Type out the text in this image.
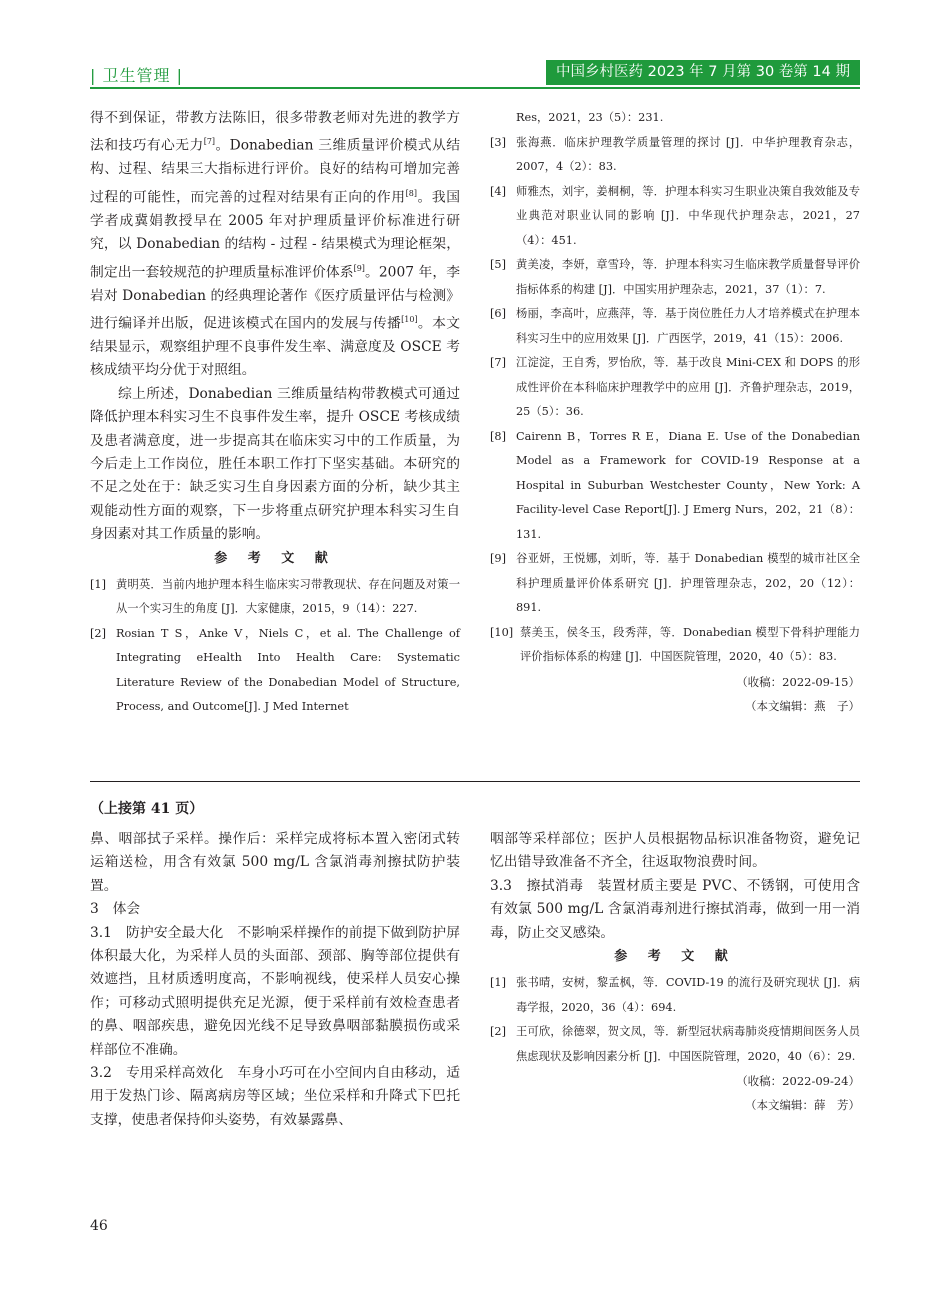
| 卫生管理 |	中国乡村医药 2023 年 7 月第 30 卷第 14 期

得不到保证，带教方法陈旧，很多带教老师对先进的教学方法和技巧有心无力[7]。Donabedian 三维质量评价模式从结构、过程、结果三大指标进行评价。良好的结构可增加完善过程的可能性，而完善的过程对结果有正向的作用[8]。我国学者成冀娟教授早在 2005 年对护理质量评价标准进行研究，以 Donabedian 的结构 - 过程 - 结果模式为理论框架，制定出一套较规范的护理质量标准评价体系[9]。2007 年，李岩对 Donabedian 的经典理论著作《医疗质量评估与检测》进行编译并出版，促进该模式在国内的发展与传播[10]。本文结果显示，观察组护理不良事件发生率、满意度及 OSCE 考核成绩平均分优于对照组。

综上所述，Donabedian 三维质量结构带教模式可通过降低护理本科实习生不良事件发生率，提升 OSCE 考核成绩及患者满意度，进一步提高其在临床实习中的工作质量，为今后走上工作岗位，胜任本职工作打下坚实基础。本研究的不足之处在于：缺乏实习生自身因素方面的分析，缺少其主观能动性方面的观察，下一步将重点研究护理本科实习生自身因素对其工作质量的影响。

参 考 文 献
[1] 黄明英．当前内地护理本科生临床实习带教现状、存在问题及对策一从一个实习生的角度 [J]．大家健康，2015，9（14）：227.
[2] Rosian T S，Anke V，Niels C，et al. The Challenge of Integrating eHealth Into Health Care: Systematic Literature Review of the Donabedian Model of Structure, Process, and Outcome[J]. J Med Internet
Res，2021，23（5）：231.
[3] 张海燕．临床护理教学质量管理的探讨 [J]．中华护理教育杂志，2007，4（2）：83.
[4] 师雅杰，刘宇，姜桐桐，等．护理本科实习生职业决策自我效能及专业典范对职业认同的影响 [J]．中华现代护理杂志，2021，27（4）：451.
[5] 黄美凌，李妍，章雪玲，等．护理本科实习生临床教学质量督导评价指标体系的构建 [J]．中国实用护理杂志，2021，37（1）：7.
[6] 杨丽，李高叶，应燕萍，等．基于岗位胜任力人才培养模式在护理本科实习生中的应用效果 [J]．广西医学，2019，41（15）：2006.
[7] 江淀淀，王自秀，罗怡欣，等．基于改良 Mini-CEX 和 DOPS 的形成性评价在本科临床护理教学中的应用 [J]．齐鲁护理杂志，2019，25（5）：36.
[8] Cairenn B，Torres R E，Diana E. Use of the Donabedian Model as a Framework for COVID-19 Response at a Hospital in Suburban Westchester County，New York: A Facility-level Case Report[J]. J Emerg Nurs，202，21（8）：131.
[9] 谷亚妍，王悦娜，刘昕，等．基于 Donabedian 模型的城市社区全科护理质量评价体系研究 [J]．护理管理杂志，202，20（12）：891.
[10] 蔡美玉，侯冬玉，段秀萍，等．Donabedian 模型下骨科护理能力评价指标体系的构建 [J]．中国医院管理，2020，40（5）：83.
（收稿：2022-09-15）
（本文编辑：燕　子）
（上接第 41 页）

鼻、咽部拭子采样。操作后：采样完成将标本置入密闭式转运箱送检，用含有效氯 500 mg/L 含氯消毒剂擦拭防护装置。

3　体会

3.1　防护安全最大化　 不影响采样操作的前提下做到防护屏体积最大化，为采样人员的头面部、颈部、胸等部位提供有效遮挡，且材质透明度高，不影响视线，使采样人员安心操作；可移动式照明提供充足光源，便于采样前有效检查患者的鼻、咽部疾患，避免因光线不足导致鼻咽部黏膜损伤或采样部位不准确。

3.2　专用采样高效化　 车身小巧可在小空间内自由移动，适用于发热门诊、隔离病房等区域；坐位采样和升降式下巴托支撑，使患者保持仰头姿势，有效暴露鼻、

咽部等采样部位；医护人员根据物品标识准备物资，避免记忆出错导致准备不齐全，往返取物浪费时间。

3.3　擦拭消毒　 装置材质主要是 PVC、不锈钢，可使用含有效氯 500 mg/L 含氯消毒剂进行擦拭消毒，做到一用一消毒，防止交叉感染。

参 考 文 献
[1] 张书晴，安树，黎孟枫，等．COVID-19 的流行及研究现状 [J]．病毒学报，2020，36（4）：694.
[2] 王可欣，徐德翠，贺文凤，等．新型冠状病毒肺炎疫情期间医务人员焦虑现状及影响因素分析 [J]．中国医院管理，2020，40（6）：29.
（收稿：2022-09-24）
（本文编辑：薛　芳）
46
